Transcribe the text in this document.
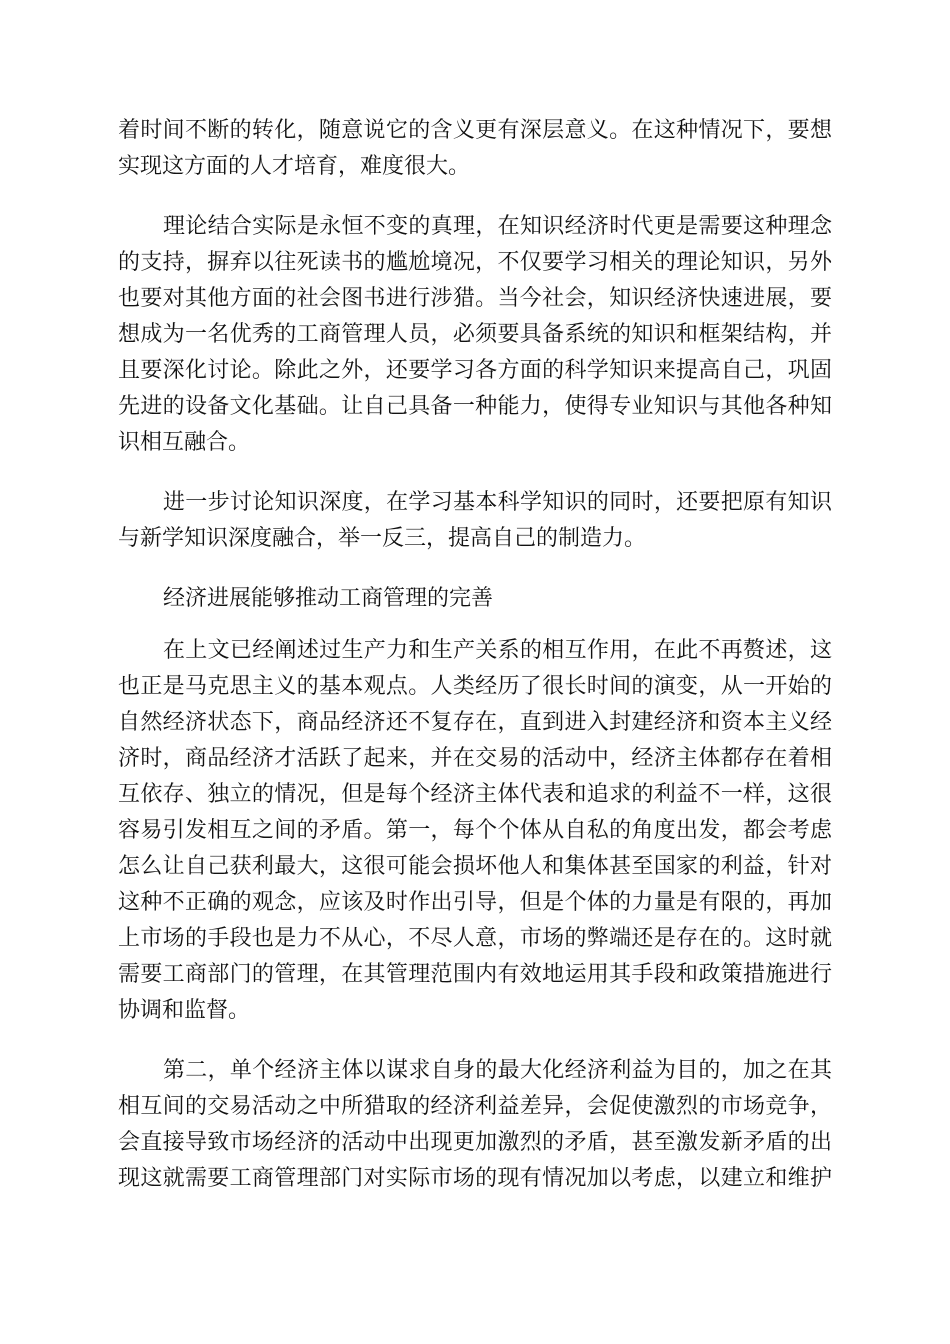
着时间不断的转化，随意说它的含义更有深层意义。在这种情况下，要想
实现这方面的人才培育，难度很大。
理论结合实际是永恒不变的真理，在知识经济时代更是需要这种理念
的支持，摒弃以往死读书的尴尬境况，不仅要学习相关的理论知识，另外
也要对其他方面的社会图书进行涉猎。当今社会，知识经济快速进展，要
想成为一名优秀的工商管理人员，必须要具备系统的知识和框架结构，并
且要深化讨论。除此之外，还要学习各方面的科学知识来提高自己，巩固
先进的设备文化基础。让自己具备一种能力，使得专业知识与其他各种知
识相互融合。
进一步讨论知识深度，在学习基本科学知识的同时，还要把原有知识
与新学知识深度融合，举一反三，提高自己的制造力。
经济进展能够推动工商管理的完善
在上文已经阐述过生产力和生产关系的相互作用，在此不再赘述，这
也正是马克思主义的基本观点。人类经历了很长时间的演变，从一开始的
自然经济状态下，商品经济还不复存在，直到进入封建经济和资本主义经
济时，商品经济才活跃了起来，并在交易的活动中，经济主体都存在着相
互依存、独立的情况，但是每个经济主体代表和追求的利益不一样，这很
容易引发相互之间的矛盾。第一，每个个体从自私的角度出发，都会考虑
怎么让自己获利最大，这很可能会损坏他人和集体甚至国家的利益，针对
这种不正确的观念，应该及时作出引导，但是个体的力量是有限的，再加
上市场的手段也是力不从心，不尽人意，市场的弊端还是存在的。这时就
需要工商部门的管理，在其管理范围内有效地运用其手段和政策措施进行
协调和监督。
第二，单个经济主体以谋求自身的最大化经济利益为目的，加之在其
相互间的交易活动之中所猎取的经济利益差异，会促使激烈的市场竞争，
会直接导致市场经济的活动中出现更加激烈的矛盾，甚至激发新矛盾的出
现这就需要工商管理部门对实际市场的现有情况加以考虑，以建立和维护
